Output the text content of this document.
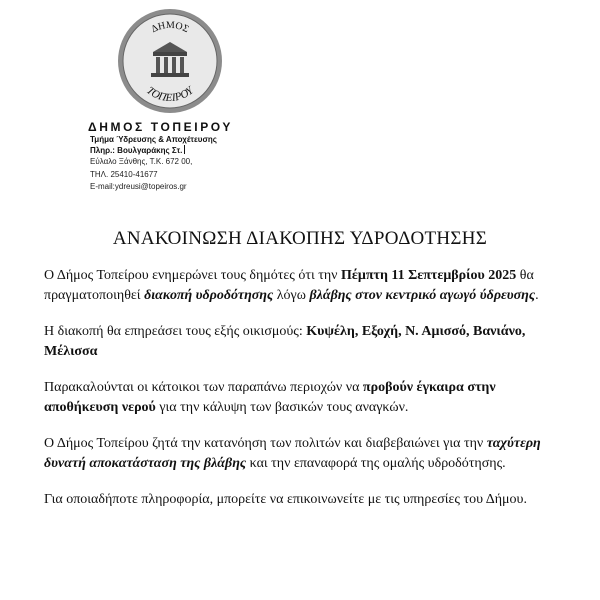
ΔΗΜΟΣ
ΤΟΠΕΙΡΟΥ
ΔΗΜΟΣ ΤΟΠΕΙΡΟΥ
Τμήμα Ύδρευσης & Αποχέτευσης
Πληρ.: Βουλγαράκης Στ.
Εύλαλο Ξάνθης, Τ.Κ. 672 00,
ΤΗΛ. 25410-41677
E-mail:ydreusi@topeiros.gr
ΑΝΑΚΟΙΝΩΣΗ ΔΙΑΚΟΠΗΣ ΥΔΡΟΔΟΤΗΣΗΣ

Ο Δήμος Τοπείρου ενημερώνει τους δημότες ότι την Πέμπτη 11 Σεπτεμβρίου 2025 θα πραγματοποιηθεί διακοπή υδροδότησης λόγω βλάβης στον κεντρικό αγωγό ύδρευσης.

Η διακοπή θα επηρεάσει τους εξής οικισμούς: Κυψέλη, Εξοχή, Ν. Αμισσό, Βανιάνο, Μέλισσα

Παρακαλούνται οι κάτοικοι των παραπάνω περιοχών να προβούν έγκαιρα στην αποθήκευση νερού για την κάλυψη των βασικών τους αναγκών.

Ο Δήμος Τοπείρου ζητά την κατανόηση των πολιτών και διαβεβαιώνει για την ταχύτερη δυνατή αποκατάσταση της βλάβης και την επαναφορά της ομαλής υδροδότησης.

Για οποιαδήποτε πληροφορία, μπορείτε να επικοινωνείτε με τις υπηρεσίες του Δήμου.
